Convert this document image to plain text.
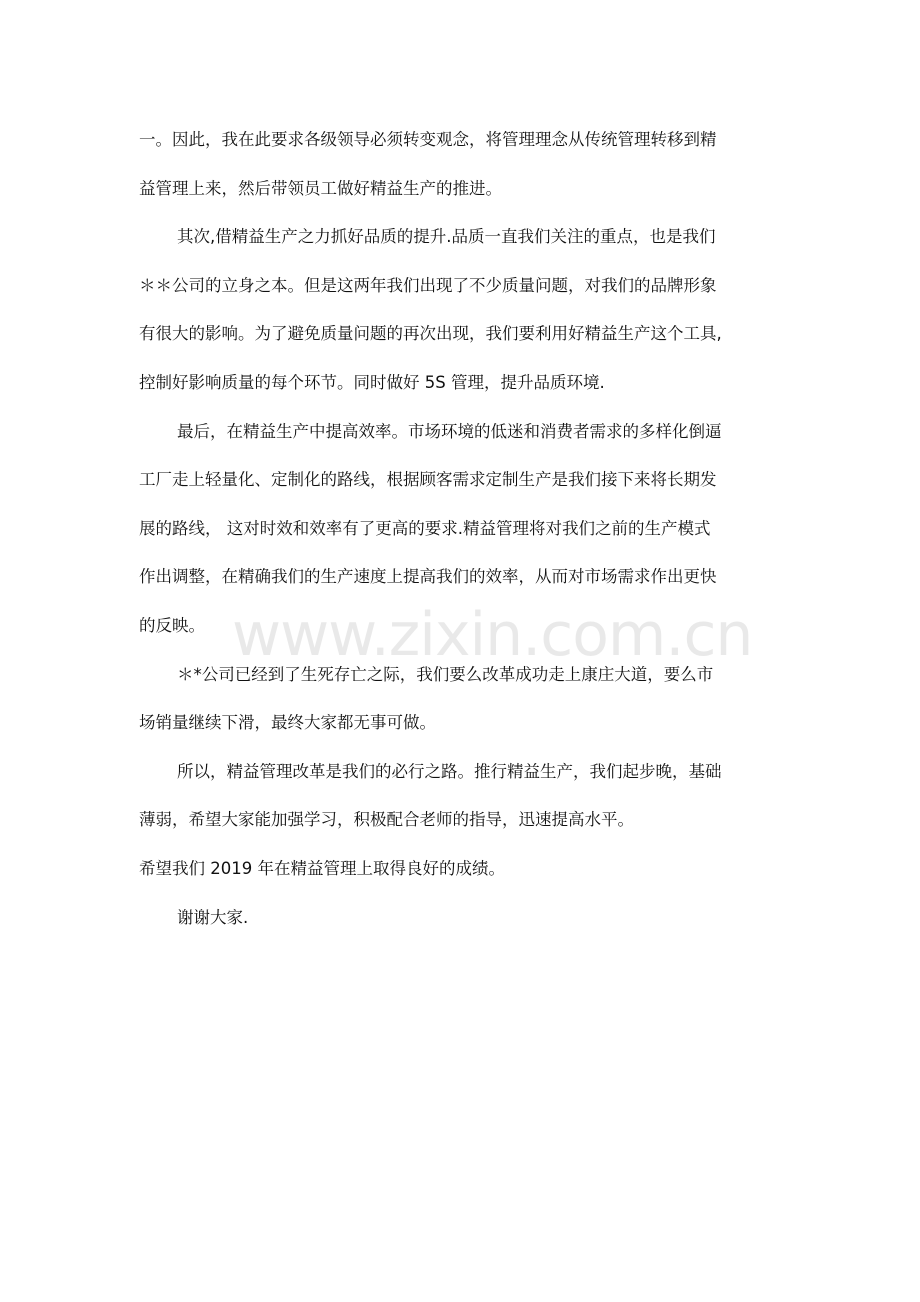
一。因此，我在此要求各级领导必须转变观念，将管理理念从传统管理转移到精
益管理上来，然后带领员工做好精益生产的推进。
其次,借精益生产之力抓好品质的提升.品质一直我们关注的重点，也是我们
＊＊公司的立身之本。但是这两年我们出现了不少质量问题，对我们的品牌形象
有很大的影响。为了避免质量问题的再次出现，我们要利用好精益生产这个工具,
控制好影响质量的每个环节。同时做好 5S 管理，提升品质环境.
最后，在精益生产中提高效率。市场环境的低迷和消费者需求的多样化倒逼
工厂走上轻量化、定制化的路线，根据顾客需求定制生产是我们接下来将长期发
展的路线， 这对时效和效率有了更高的要求.精益管理将对我们之前的生产模式
作出调整，在精确我们的生产速度上提高我们的效率，从而对市场需求作出更快
的反映。
＊*公司已经到了生死存亡之际，我们要么改革成功走上康庄大道，要么市
场销量继续下滑，最终大家都无事可做。
所以，精益管理改革是我们的必行之路。推行精益生产，我们起步晚，基础
薄弱，希望大家能加强学习，积极配合老师的指导，迅速提高水平。
希望我们 2019 年在精益管理上取得良好的成绩。
谢谢大家.
www.zixin.com.cn
